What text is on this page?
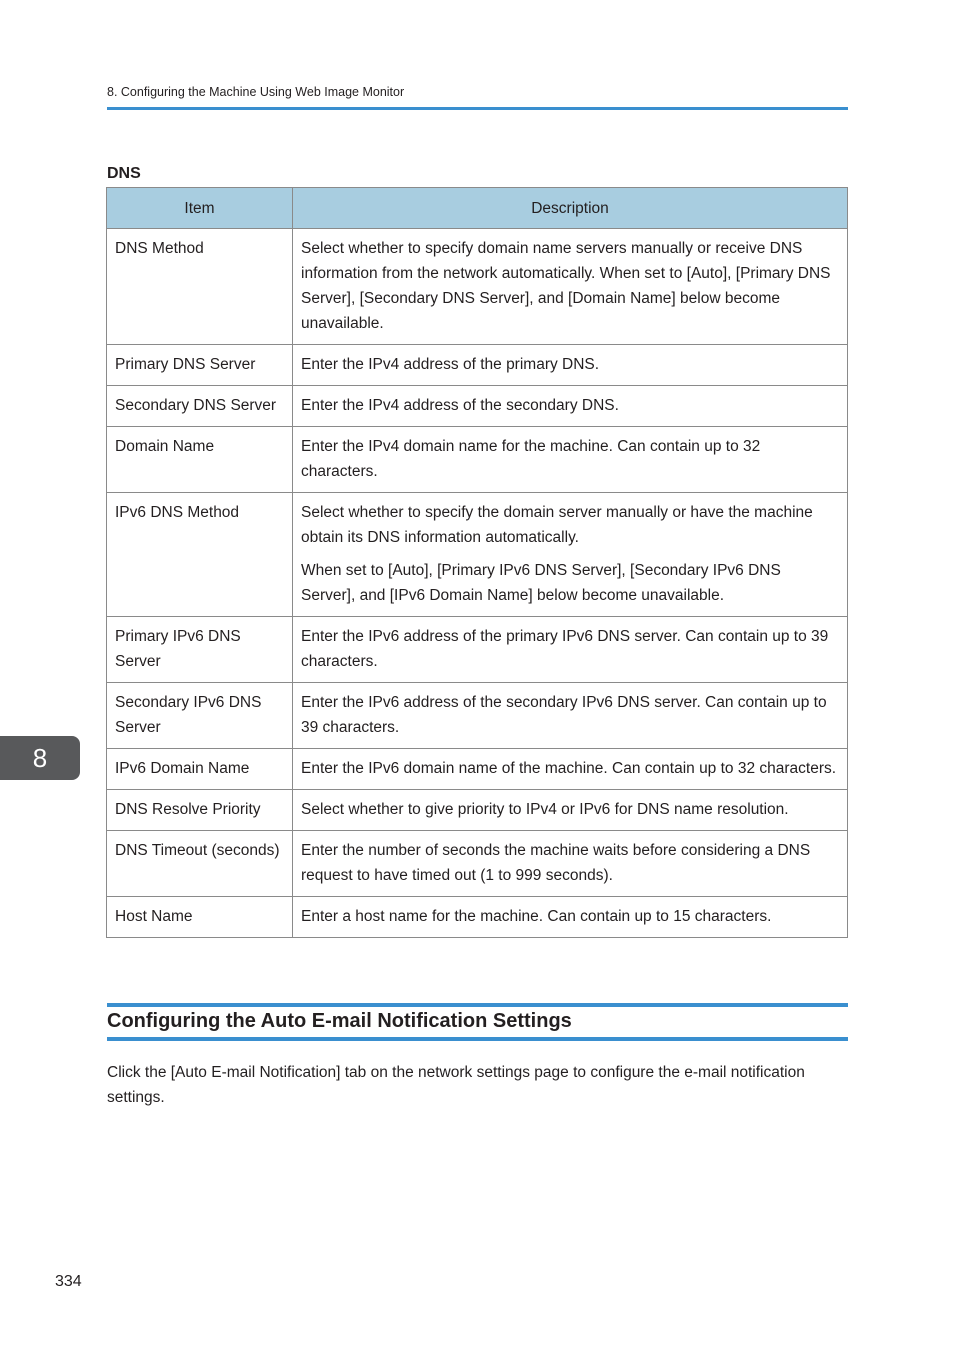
8. Configuring the Machine Using Web Image Monitor
DNS
Item	Description
DNS Method	Select whether to specify domain name servers manually or receive DNS information from the network automatically. When set to [Auto], [Primary DNS Server], [Secondary DNS Server], and [Domain Name] below become unavailable.

Primary DNS Server	Enter the IPv4 address of the primary DNS.

Secondary DNS Server	Enter the IPv4 address of the secondary DNS.

Domain Name	Enter the IPv4 domain name for the machine. Can contain up to 32 characters.

IPv6 DNS Method	Select whether to specify the domain server manually or have the machine obtain its DNS information automatically.

When set to [Auto], [Primary IPv6 DNS Server], [Secondary IPv6 DNS Server], and [IPv6 Domain Name] below become unavailable.

Primary IPv6 DNS Server	Enter the IPv6 address of the primary IPv6 DNS server. Can contain up to 39 characters.

Secondary IPv6 DNS Server	Enter the IPv6 address of the secondary IPv6 DNS server. Can contain up to 39 characters.

IPv6 Domain Name	Enter the IPv6 domain name of the machine. Can contain up to 32 characters.

DNS Resolve Priority	Select whether to give priority to IPv4 or IPv6 for DNS name resolution.

DNS Timeout (seconds)	Enter the number of seconds the machine waits before considering a DNS request to have timed out (1 to 999 seconds).

Host Name	Enter a host name for the machine. Can contain up to 15 characters.

8
Configuring the Auto E-mail Notification Settings

Click the [Auto E-mail Notification] tab on the network settings page to configure the e-mail notification settings.

334
